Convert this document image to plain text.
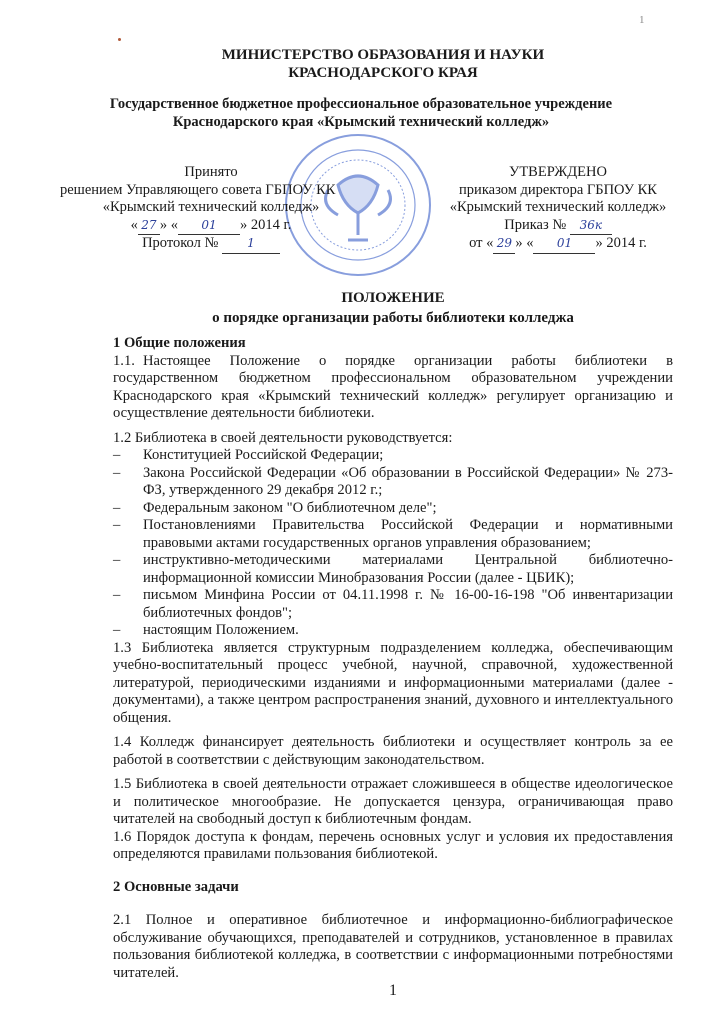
1
МИНИСТЕРСТВО ОБРАЗОВАНИЯ И НАУКИ
КРАСНОДАРСКОГО КРАЯ
Государственное бюджетное профессиональное образовательное учреждение
Краснодарского края «Крымский технический колледж»
Принято
решением Управляющего совета ГБПОУ КК
«Крымский технический колледж»
« 27 » « 01 » 2014 г.
Протокол № 1
УТВЕРЖДЕНО
приказом директора ГБПОУ КК
«Крымский технический колледж»
Приказ № 36к
от « 29 » « 01 » 2014 г.

ПОЛОЖЕНИЕ

о порядке организации работы библиотеки колледжа

1 Общие положения

1.1. Настоящее Положение о порядке организации работы библиотеки в государственном бюджетном профессиональном образовательном учреждении Краснодарского края «Крымский технический колледж» регулирует организацию и осуществление деятельности библиотеки.

1.2 Библиотека в своей деятельности руководствуется:

– Конституцией Российской Федерации;
– Закона Российской Федерации «Об образовании в Российской Федерации» № 273-ФЗ, утвержденного 29 декабря 2012 г.;
– Федеральным законом "О библиотечном деле";
– Постановлениями Правительства Российской Федерации и нормативными правовыми актами государственных органов управления образованием;
– инструктивно-методическими материалами Центральной библиотечно-информационной комиссии Минобразования России (далее - ЦБИК);
– письмом Минфина России от 04.11.1998 г. № 16-00-16-198 "Об инвентаризации библиотечных фондов";
– настоящим Положением.

1.3 Библиотека является структурным подразделением колледжа, обеспечивающим учебно-воспитательный процесс учебной, научной, справочной, художественной литературой, периодическими изданиями и информационными материалами (далее - документами), а также центром распространения знаний, духовного и интеллектуального общения.

1.4 Колледж финансирует деятельность библиотеки и осуществляет контроль за ее работой в соответствии с действующим законодательством.

1.5 Библиотека в своей деятельности отражает сложившееся в обществе идеологическое и политическое многообразие. Не допускается цензура, ограничивающая право читателей на свободный доступ к библиотечным фондам.

1.6 Порядок доступа к фондам, перечень основных услуг и условия их предоставления определяются правилами пользования библиотекой.

2 Основные задачи

2.1 Полное и оперативное библиотечное и информационно-библиографическое обслуживание обучающихся, преподавателей и сотрудников, установленное в правилах пользования библиотекой колледжа, в соответствии с информационными потребностями читателей.

1
